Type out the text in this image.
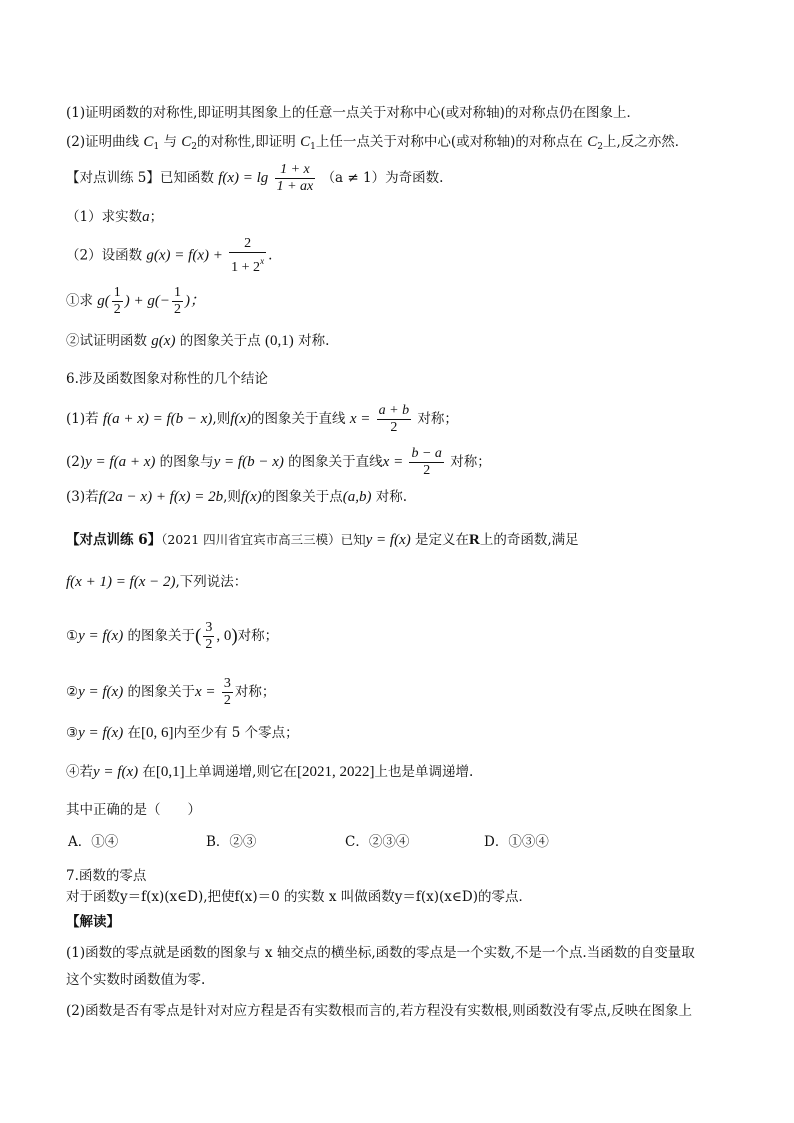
(1)证明函数的对称性,即证明其图象上的任意一点关于对称中心(或对称轴)的对称点仍在图象上．
(2)证明曲线 $C_1$ 与 $C_2$的对称性,即证明 $C_1$上任一点关于对称中心(或对称轴)的对称点在 $C_2$上,反之亦然．
【对点训练 5】已知函数 $f(x) = \lg \frac{1 + x}{1 + ax} (a \ne 1)$为奇函数.
（1）求实数a；
（2）设函数 $g(x) = f(x) + \frac{2}{1 + 2^x}$ .
①求 $g( \frac{1}{2}$ ) + $g(- \frac{1}{2}$ )；
②试证明函数 g(x) 的图象关于点 (0,1) 对称.
6.涉及函数图象对称性的几个结论
(1)若 f(a + x) = f(b − x),则f(x)的图象关于直线 $x = \frac{a + b}{2}$ 对称；
(2)y = f(a + x) 的图象与y = f(b − x) 的图象关于直线$x = \frac{b - a}{2}$ 对称；
(3)若f(2a − x) + f(x) = 2b,则f(x)的图象关于点(a,b) 对称.
【对点训练 6】（2021 四川省宜宾市高三三模）已知y = f(x) 是定义在R上的奇函数,满足
f(x + 1) = f(x − 2),下列说法：
①y = f(x) 的图象关于( $\frac{3}{2}$ , 0)对称；
②y = f(x) 的图象关于$x = \frac{3}{2}$ 对称；
③y = f(x) 在[0, 6]内至少有 5 个零点；
④若y = f(x) 在[0,1]上单调递增,则它在[2021, 2022]上也是单调递增.
其中正确的是（　　）
A．①④	B．②③	C．②③④	D．①③④
7.函数的零点
对于函数y＝f(x)(x∈D),把使f(x)＝0 的实数 x 叫做函数y＝f(x)(x∈D)的零点．
【解读】
(1)函数的零点就是函数的图象与 x 轴交点的横坐标,函数的零点是一个实数,不是一个点.当函数的自变量取
这个实数时函数值为零.
(2)函数是否有零点是针对对应方程是否有实数根而言的,若方程没有实数根,则函数没有零点,反映在图象上
